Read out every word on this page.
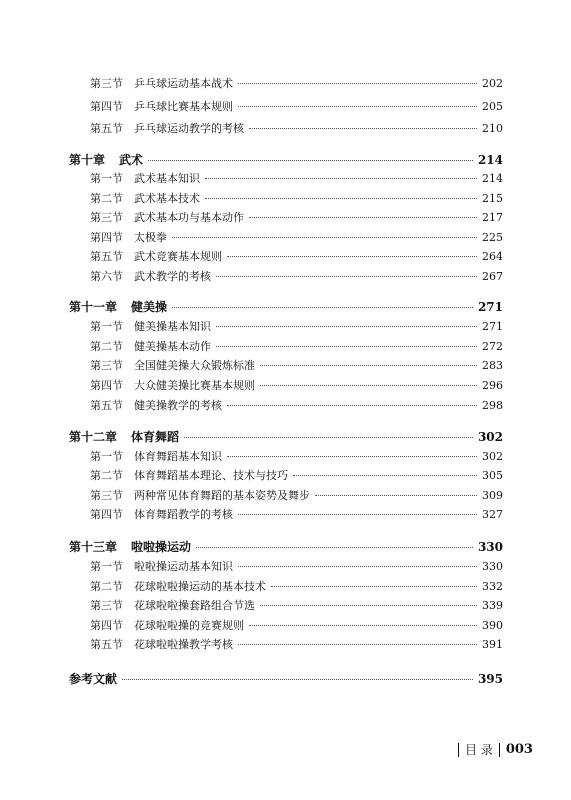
第三节	乒乓球运动基本战术	202
第四节	乒乓球比赛基本规则	205
第五节	乒乓球运动教学的考核	210
第十章 武术	214
第一节	武术基本知识	214
第二节	武术基本技术	215
第三节	武术基本功与基本动作	217
第四节	太极拳	225
第五节	武术竞赛基本规则	264
第六节	武术教学的考核	267
第十一章 健美操	271
第一节	健美操基本知识	271
第二节	健美操基本动作	272
第三节	全国健美操大众锻炼标准	283
第四节	大众健美操比赛基本规则	296
第五节	健美操教学的考核	298
第十二章 体育舞蹈	302
第一节	体育舞蹈基本知识	302
第二节	体育舞蹈基本理论、技术与技巧	305
第三节	两种常见体育舞蹈的基本姿势及舞步	309
第四节	体育舞蹈教学的考核	327
第十三章 啦啦操运动	330
第一节	啦啦操运动基本知识	330
第二节	花球啦啦操运动的基本技术	332
第三节	花球啦啦操套路组合节选	339
第四节	花球啦啦操的竞赛规则	390
第五节	花球啦啦操教学考核	391
参考文献	395
目 录 003
